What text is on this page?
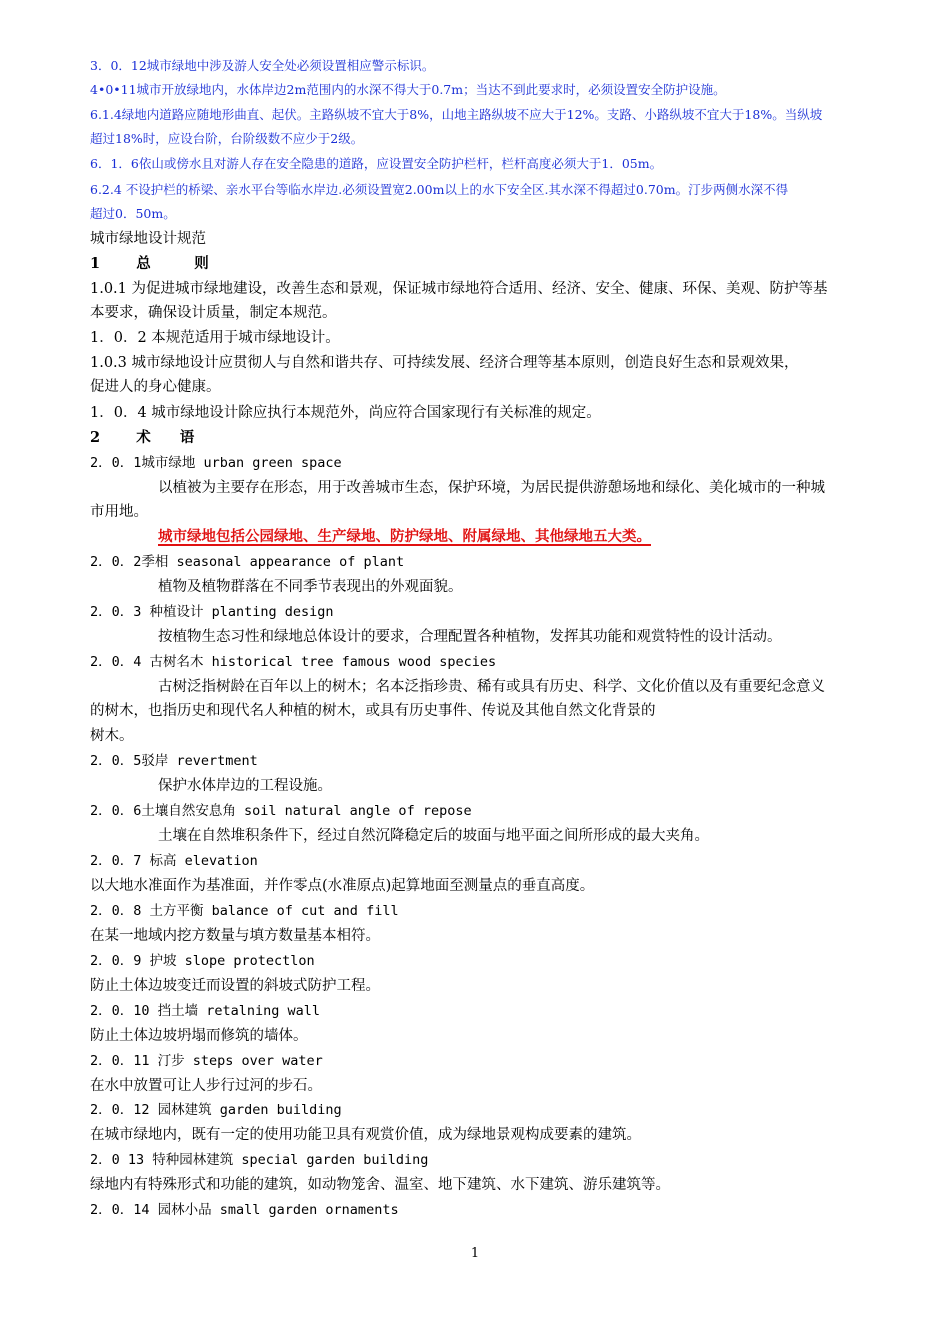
3．0．12城市绿地中涉及游人安全处必须设置相应警示标识。
4•0•11城市开放绿地内，水体岸边2m范围内的水深不得大于0.7m；当达不到此要求时，必须设置安全防护设施。
6.1.4绿地内道路应随地形曲直、起伏。主路纵坡不宜大于8%，山地主路纵坡不应大于12%。支路、小路纵坡不宜大于18%。当纵坡
超过18%时，应设台阶，台阶级数不应少于2级。
6．1．6依山或傍水且对游人存在安全隐患的道路，应设置安全防护栏杆，栏杆高度必须大于1．05m。
6.2.4 不设护栏的桥梁、亲水平台等临水岸边.必须设置宽2.00m以上的水下安全区.其水深不得超过0.70m。汀步两侧水深不得
超过0．50m。
城市绿地设计规范
1 总　　　则
1.0.1 为促进城市绿地建设，改善生态和景观，保证城市绿地符合适用、经济、安全、健康、环保、美观、防护等基
本要求，确保设计质量，制定本规范。
1．0．2 本规范适用于城市绿地设计。
1.0.3 城市绿地设计应贯彻人与自然和谐共存、可持续发展、经济合理等基本原则，创造良好生态和景观效果，
促进人的身心健康。
1．0．4 城市绿地设计除应执行本规范外，尚应符合国家现行有关标准的规定。
2 术　　语
2．0．1城市绿地 urban green space
以植被为主要存在形态，用于改善城市生态，保护环境，为居民提供游憩场地和绿化、美化城市的一种城
市用地。
城市绿地包括公园绿地、生产绿地、防护绿地、附属绿地、其他绿地五大类。
2．0．2季相 seasonal appearance of plant
植物及植物群落在不同季节表现出的外观面貌。
2．0．3 种植设计 planting design
按植物生态习性和绿地总体设计的要求，合理配置各种植物，发挥其功能和观赏特性的设计活动。
2．0．4 古树名木 historical tree famous wood species
古树泛指树龄在百年以上的树木；名本泛指珍贵、稀有或具有历史、科学、文化价值以及有重要纪念意义
的树木，也指历史和现代名人种植的树木，或具有历史事件、传说及其他自然文化背景的
树木。
2．0．5驳岸 revertment
保护水体岸边的工程设施。
2．0．6土壤自然安息角 soil natural angle of repose
土壤在自然堆积条件下，经过自然沉降稳定后的坡面与地平面之间所形成的最大夹角。
2．0．7 标高 elevation
以大地水准面作为基准面，并作零点(水准原点)起算地面至测量点的垂直高度。
2．0．8 土方平衡 balance of cut and fill
在某一地域内挖方数量与填方数量基本相符。
2．0．9 护坡 slope protectlon
防止土体边坡变迁而设置的斜坡式防护工程。
2．0．10 挡土墙 retalning wall
防止土体边坡坍塌而修筑的墙体。
2．0．11 汀步 steps over water
在水中放置可让人步行过河的步石。
2．0．12 园林建筑 garden building
在城市绿地内，既有一定的使用功能卫具有观赏价值，成为绿地景观构成要素的建筑。
2．0 13 特种园林建筑 special garden building
绿地内有特殊形式和功能的建筑，如动物笼舍、温室、地下建筑、水下建筑、游乐建筑等。
2．0．14 园林小品 small garden ornaments
1
